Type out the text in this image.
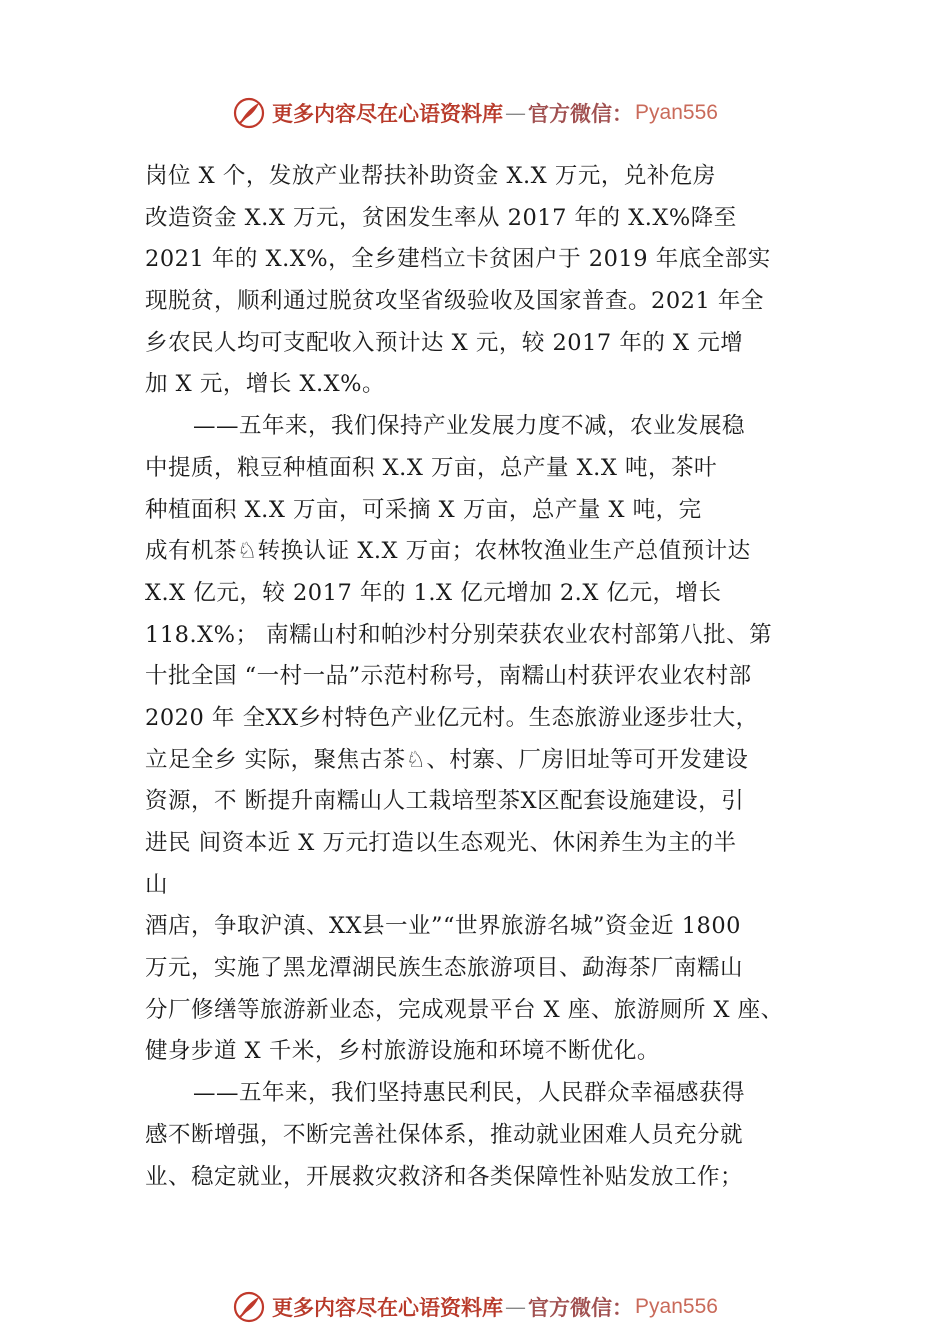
更多内容尽在心语资料库 — 官方微信： Pyan556
岗位 X 个，发放产业帮扶补助资金 X.X 万元，兑补危房
改造资金 X.X 万元，贫困发生率从 2017 年的 X.X%降至
2021 年的 X.X%，全乡建档立卡贫困户于 2019 年底全部实
现脱贫，顺利通过脱贫攻坚省级验收及国家普查。2021 年全
乡农民人均可支配收入预计达 X 元，较 2017 年的 X 元增
加 X 元，增长 X.X%。
——五年来，我们保持产业发展力度不减，农业发展稳
中提质，粮豆种植面积 X.X 万亩，总产量 X.X 吨，茶叶
种植面积 X.X 万亩，可采摘 X 万亩，总产量 X 吨，完
成有机茶♘转换认证 X.X 万亩；农林牧渔业生产总值预计达
X.X 亿元，较 2017 年的 1.X 亿元增加 2.X 亿元，增长
118.X%； 南糯山村和帕沙村分别荣获农业农村部第八批、第
十批全国 “一村一品”示范村称号，南糯山村获评农业农村部
2020 年 全XX乡村特色产业亿元村。生态旅游业逐步壮大，
立足全乡 实际，聚焦古茶♘、村寨、厂房旧址等可开发建设
资源，不 断提升南糯山人工栽培型茶X区配套设施建设，引
进民 间资本近 X 万元打造以生态观光、休闲养生为主的半
山
酒店，争取沪滇、XX县一业”“世界旅游名城”资金近 1800
万元，实施了黑龙潭湖民族生态旅游项目、勐海茶厂南糯山
分厂修缮等旅游新业态，完成观景平台 X 座、旅游厕所 X 座、
健身步道 X 千米，乡村旅游设施和环境不断优化。
——五年来，我们坚持惠民利民，人民群众幸福感获得
感不断增强，不断完善社保体系，推动就业困难人员充分就
业、稳定就业，开展救灾救济和各类保障性补贴发放工作；
更多内容尽在心语资料库 — 官方微信： Pyan556
